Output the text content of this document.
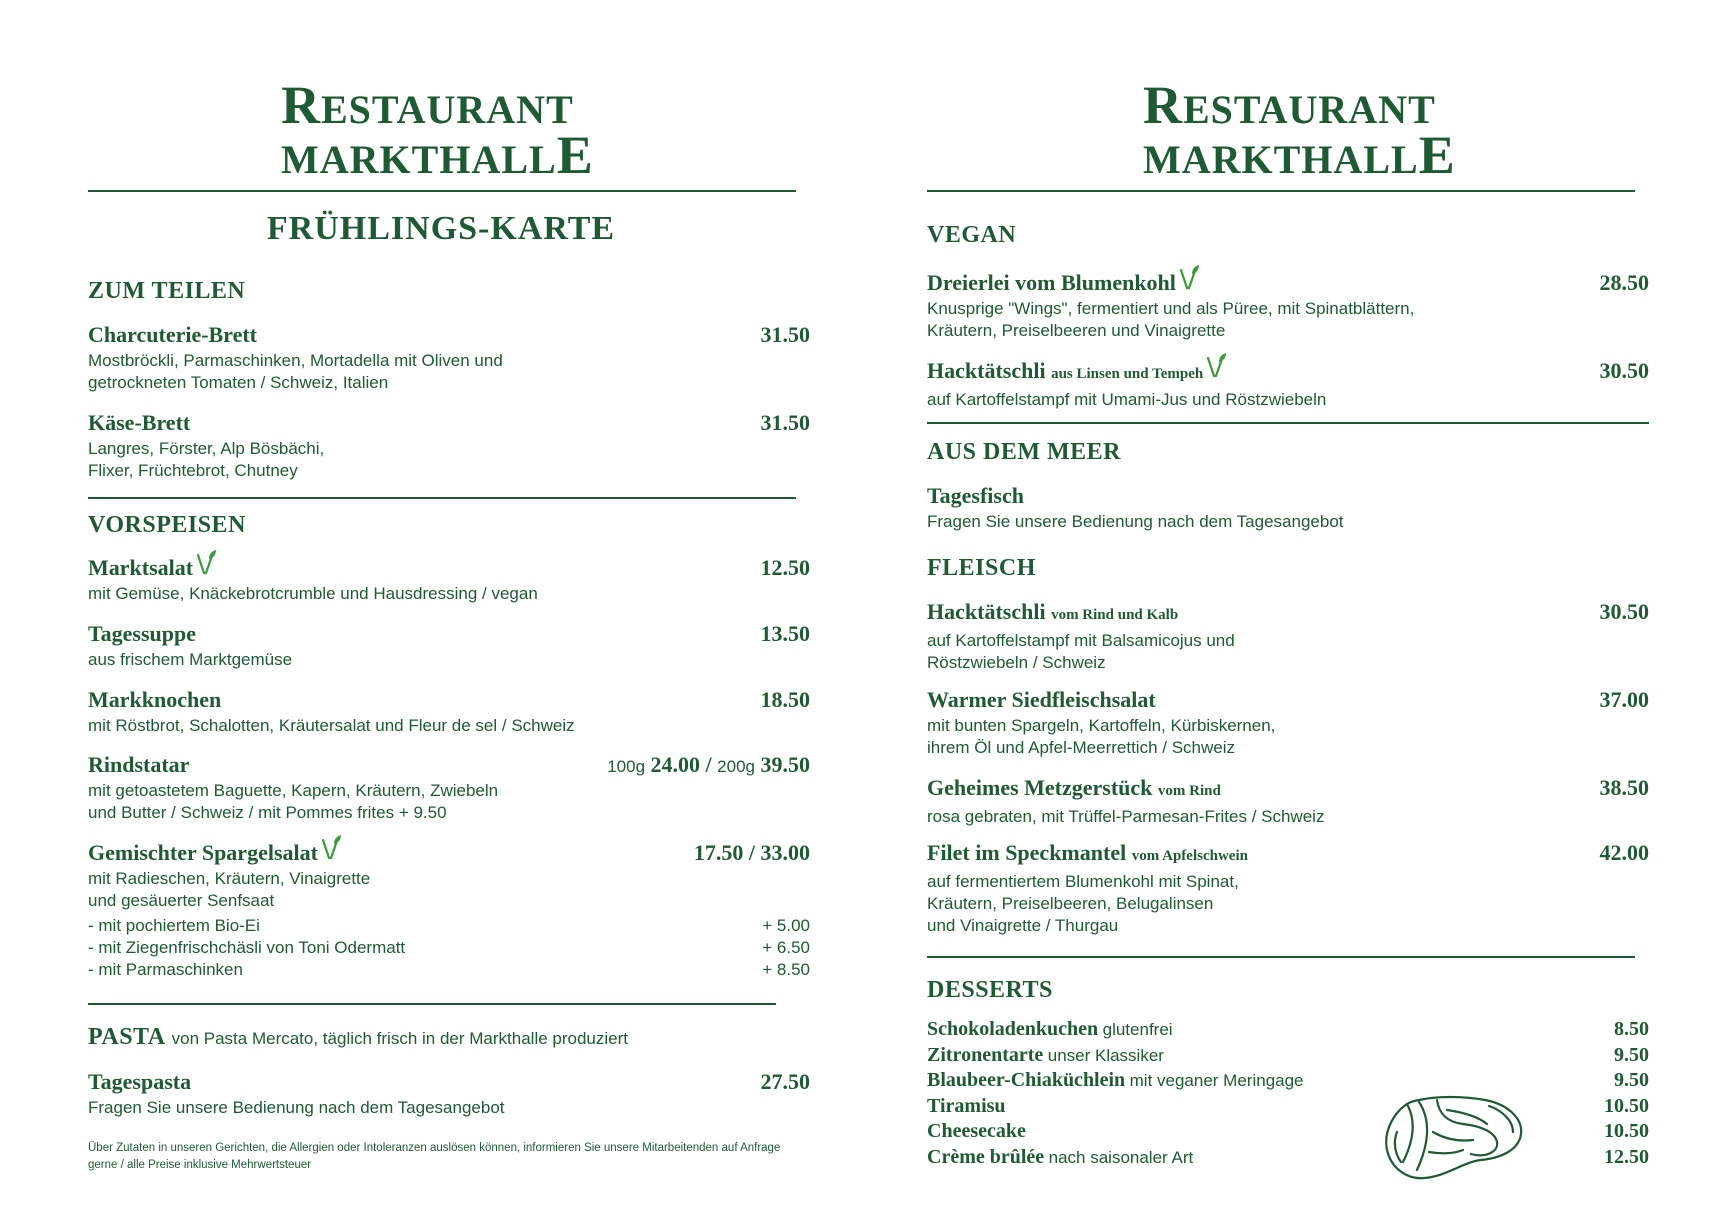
RESTAURANT
MARKTHALLE
FRÜHLINGS-KARTE
ZUM TEILEN
Charcuterie-Brett	31.50
Mostbröckli, Parmaschinken, Mortadella mit Oliven und
getrockneten Tomaten / Schweiz, Italien
Käse-Brett	31.50
Langres, Förster, Alp Bösbächi,
Flixer, Früchtebrot, Chutney
VORSPEISEN
Marktsalat	12.50
mit Gemüse, Knäckebrotcrumble und Hausdressing / vegan
Tagessuppe	13.50
aus frischem Marktgemüse
Markknochen	18.50
mit Röstbrot, Schalotten, Kräutersalat und Fleur de sel / Schweiz
Rindstatar	100g 24.00 / 200g 39.50
mit getoastetem Baguette, Kapern, Kräutern, Zwiebeln
und Butter / Schweiz / mit Pommes frites + 9.50
Gemischter Spargelsalat	17.50 / 33.00
mit Radieschen, Kräutern, Vinaigrette
und gesäuerter Senfsaat
- mit pochiertem Bio-Ei	+ 5.00
- mit Ziegenfrischchäsli von Toni Odermatt	+ 6.50
- mit Parmaschinken	+ 8.50
PASTA von Pasta Mercato, täglich frisch in der Markthalle produziert
Tagespasta	27.50
Fragen Sie unsere Bedienung nach dem Tagesangebot
Über Zutaten in unseren Gerichten, die Allergien oder Intoleranzen auslösen können, informieren Sie unsere Mitarbeitenden auf Anfrage
gerne / alle Preise inklusive Mehrwertsteuer
RESTAURANT
MARKTHALLE
VEGAN
Dreierlei vom Blumenkohl	28.50
Knusprige "Wings", fermentiert und als Püree, mit Spinatblättern,
Kräutern, Preiselbeeren und Vinaigrette
Hacktätschli aus Linsen und Tempeh	30.50
auf Kartoffelstampf mit Umami-Jus und Röstzwiebeln
AUS DEM MEER
Tagesfisch
Fragen Sie unsere Bedienung nach dem Tagesangebot
FLEISCH
Hacktätschli vom Rind und Kalb	30.50
auf Kartoffelstampf mit Balsamicojus und
Röstzwiebeln / Schweiz
Warmer Siedfleischsalat	37.00
mit bunten Spargeln, Kartoffeln, Kürbiskernen,
ihrem Öl und Apfel-Meerrettich / Schweiz
Geheimes Metzgerstück vom Rind	38.50
rosa gebraten, mit Trüffel-Parmesan-Frites / Schweiz
Filet im Speckmantel vom Apfelschwein	42.00
auf fermentiertem Blumenkohl mit Spinat,
Kräutern, Preiselbeeren, Belugalinsen
und Vinaigrette / Thurgau
DESSERTS
Schokoladenkuchen glutenfrei	8.50
Zitronentarte unser Klassiker	9.50
Blaubeer-Chiaküchlein mit veganer Meringage	9.50
Tiramisu	10.50
Cheesecake	10.50
Crème brûlée nach saisonaler Art	12.50
